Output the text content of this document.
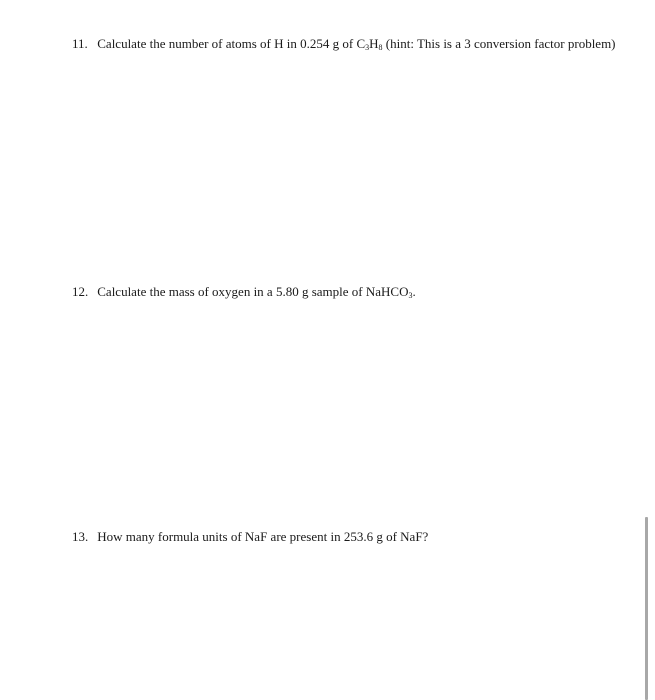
11. Calculate the number of atoms of H in 0.254 g of $C_3H_8$ (hint: This is a 3 conversion factor problem)
12. Calculate the mass of oxygen in a 5.80 g sample of NaHCO$_3$.
13. How many formula units of NaF are present in 253.6 g of NaF?
